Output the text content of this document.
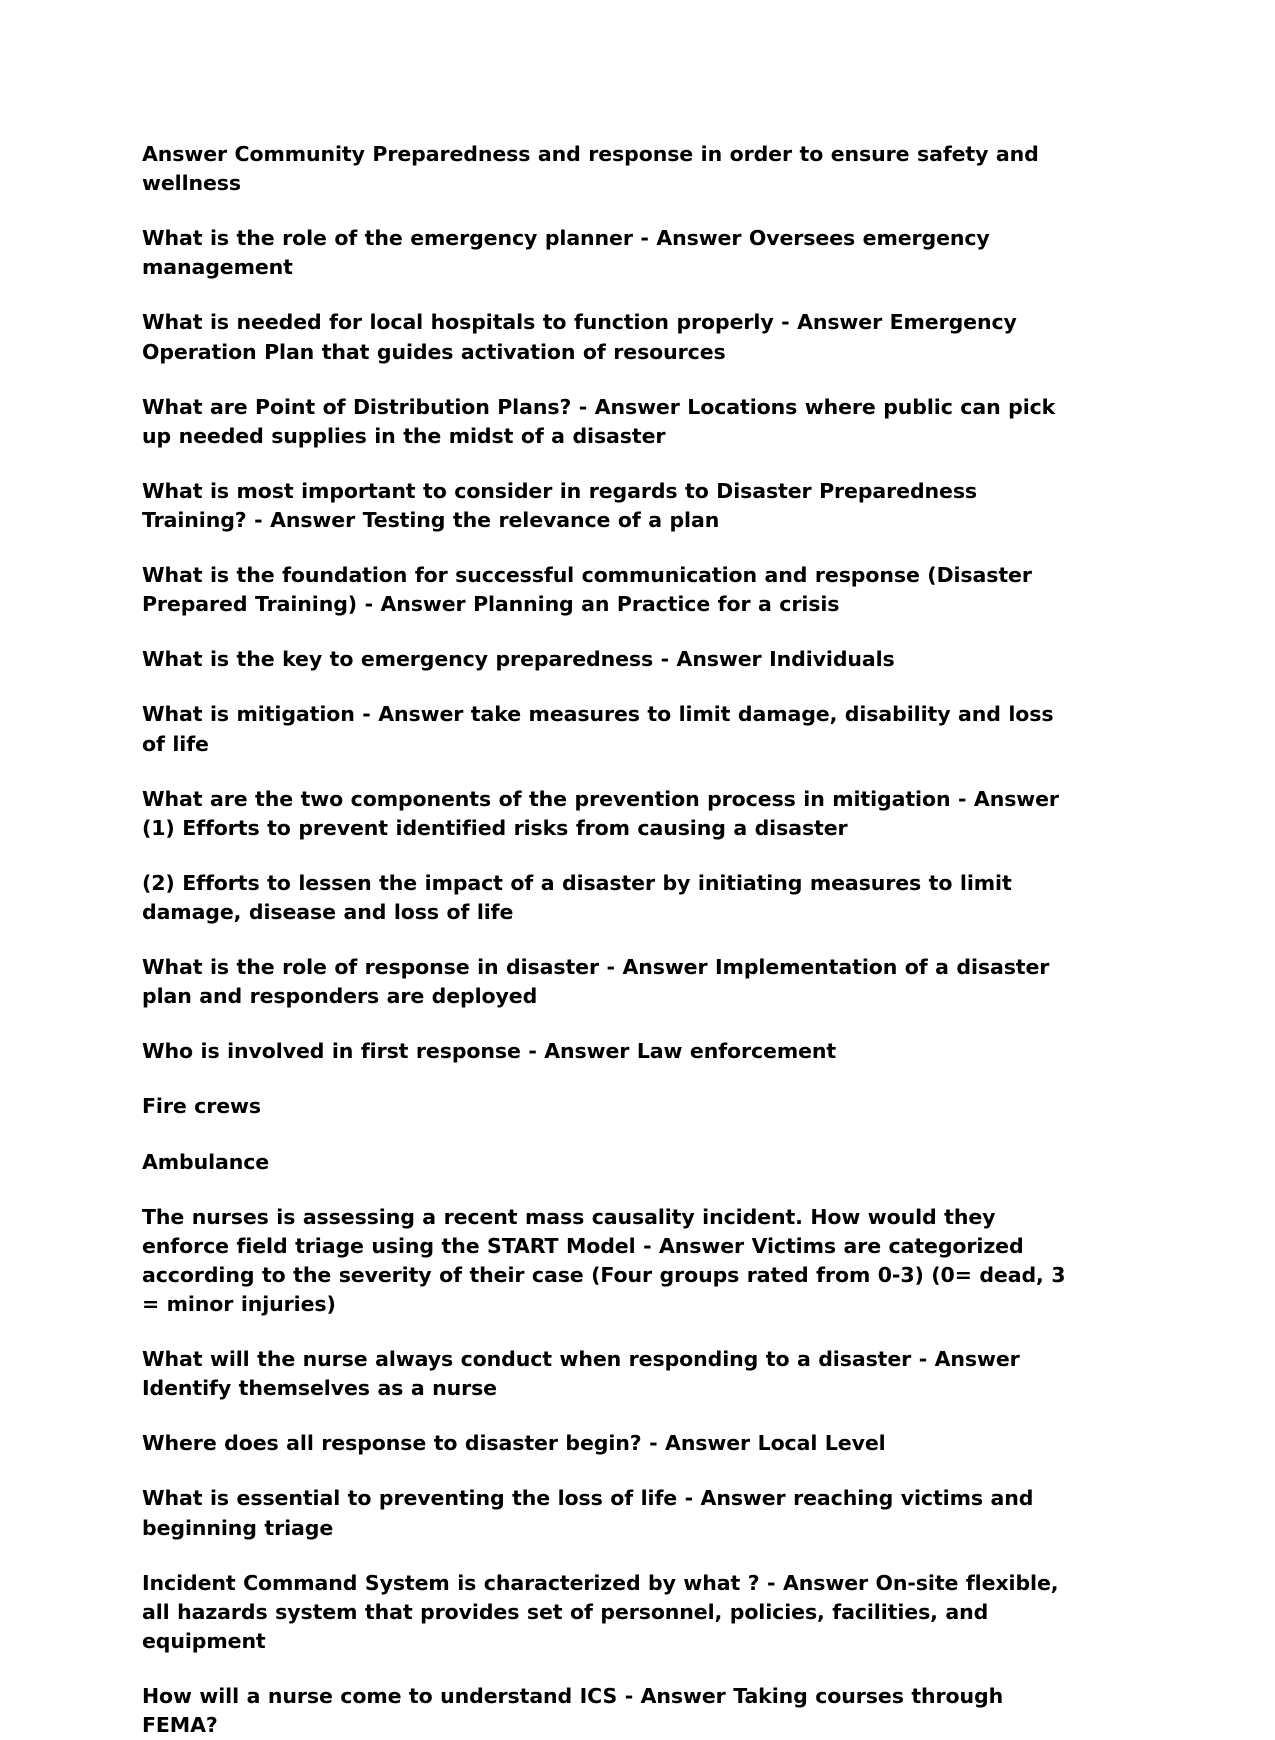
Answer Community Preparedness and response in order to ensure safety and wellness

What is the role of the emergency planner - Answer Oversees emergency management

What is needed for local hospitals to function properly - Answer Emergency Operation Plan that guides activation of resources

What are Point of Distribution Plans? - Answer Locations where public can pick up needed supplies in the midst of a disaster

What is most important to consider in regards to Disaster Preparedness Training? - Answer Testing the relevance of a plan

What is the foundation for successful communication and response (Disaster Prepared Training) - Answer Planning an Practice for a crisis

What is the key to emergency preparedness - Answer Individuals

What is mitigation - Answer take measures to limit damage, disability and loss of life

What are the two components of the prevention process in mitigation - Answer (1) Efforts to prevent identified risks from causing a disaster

(2) Efforts to lessen the impact of a disaster by initiating measures to limit damage, disease and loss of life

What is the role of response in disaster - Answer Implementation of a disaster plan and responders are deployed

Who is involved in first response - Answer Law enforcement

Fire crews

Ambulance

The nurses is assessing a recent mass causality incident. How would they enforce field triage using the START Model - Answer Victims are categorized according to the severity of their case (Four groups rated from 0-3) (0= dead, 3 = minor injuries)

What will the nurse always conduct when responding to a disaster - Answer Identify themselves as a nurse

Where does all response to disaster begin? - Answer Local Level

What is essential to preventing the loss of life - Answer reaching victims and beginning triage

Incident Command System is characterized by what ? - Answer On-site flexible, all hazards system that provides set of personnel, policies, facilities, and equipment

How will a nurse come to understand ICS - Answer Taking courses through FEMA?
